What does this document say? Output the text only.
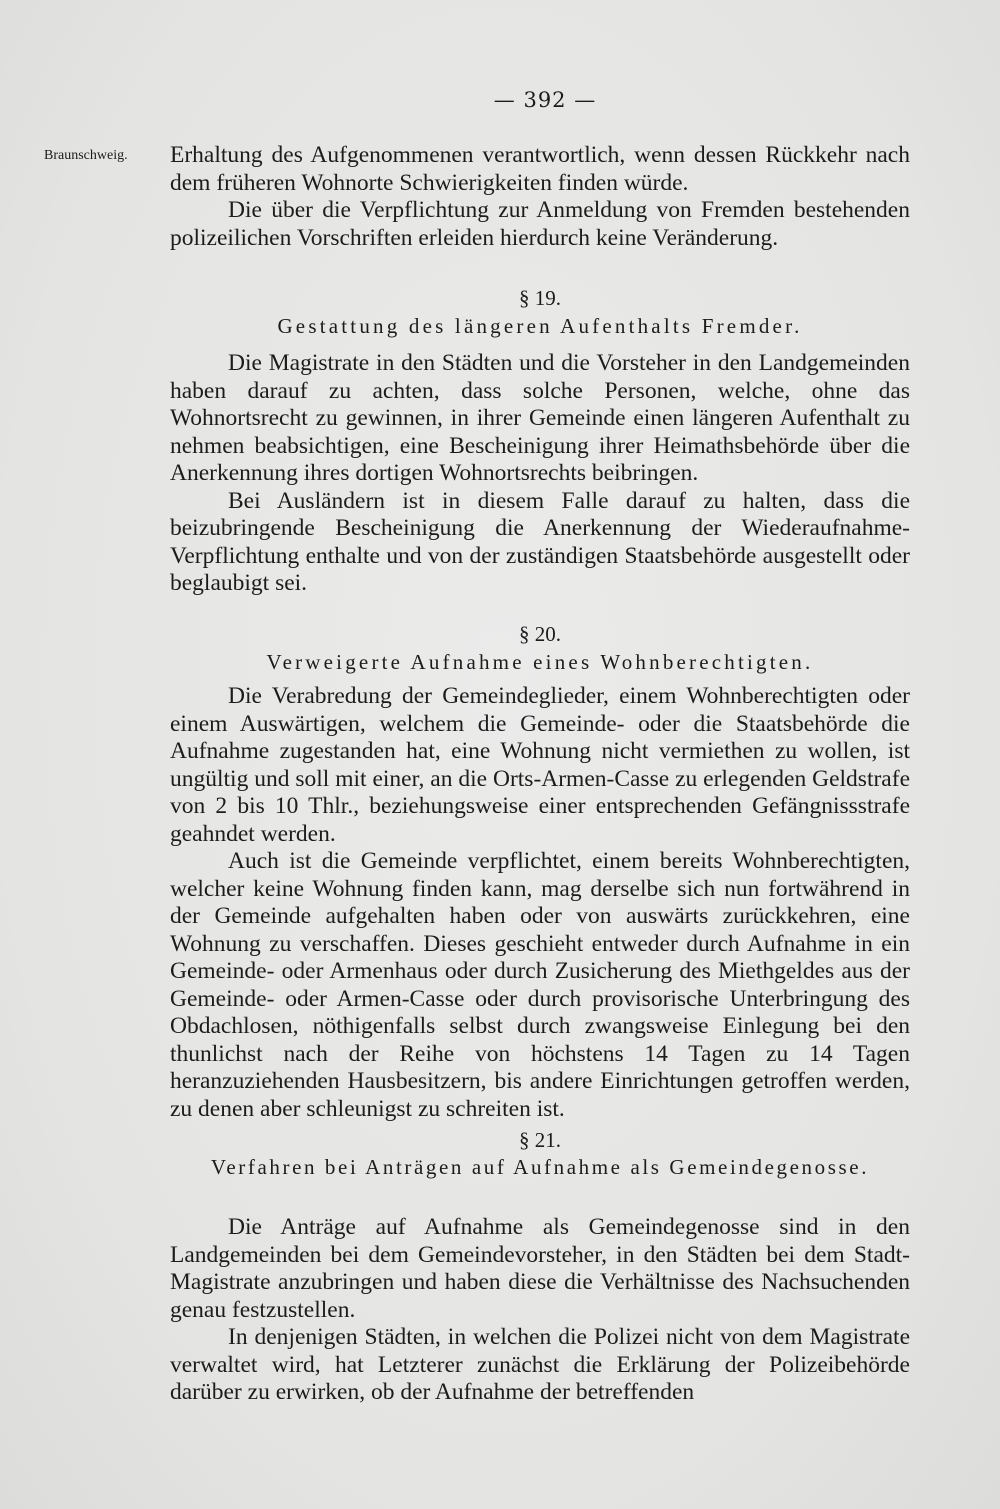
— 392 —
Braunschweig. Erhaltung des Aufgenommenen verantwortlich, wenn dessen Rückkehr nach dem früheren Wohnorte Schwierigkeiten finden würde.

Die über die Verpflichtung zur Anmeldung von Fremden bestehenden polizeilichen Vorschriften erleiden hierdurch keine Veränderung.

§ 19.
Gestattung des längeren Aufenthalts Fremder.

Die Magistrate in den Städten und die Vorsteher in den Landgemeinden haben darauf zu achten, dass solche Personen, welche, ohne das Wohnortsrecht zu gewinnen, in ihrer Gemeinde einen längeren Aufenthalt zu nehmen beabsichtigen, eine Bescheinigung ihrer Heimathsbehörde über die Anerkennung ihres dortigen Wohnortsrechts beibringen.

Bei Ausländern ist in diesem Falle darauf zu halten, dass die beizubringende Bescheinigung die Anerkennung der Wiederaufnahme-Verpflichtung enthalte und von der zuständigen Staatsbehörde ausgestellt oder beglaubigt sei.

§ 20.
Verweigerte Aufnahme eines Wohnberechtigten.

Die Verabredung der Gemeindeglieder, einem Wohnberechtigten oder einem Auswärtigen, welchem die Gemeinde- oder die Staatsbehörde die Aufnahme zugestanden hat, eine Wohnung nicht vermiethen zu wollen, ist ungültig und soll mit einer, an die Orts-Armen-Casse zu erlegenden Geldstrafe von 2 bis 10 Thlr., beziehungsweise einer entsprechenden Gefängnissstrafe geahndet werden.

Auch ist die Gemeinde verpflichtet, einem bereits Wohnberechtigten, welcher keine Wohnung finden kann, mag derselbe sich nun fortwährend in der Gemeinde aufgehalten haben oder von auswärts zurückkehren, eine Wohnung zu verschaffen. Dieses geschieht entweder durch Aufnahme in ein Gemeinde- oder Armenhaus oder durch Zusicherung des Miethgeldes aus der Gemeinde- oder Armen-Casse oder durch provisorische Unterbringung des Obdachlosen, nöthigenfalls selbst durch zwangsweise Einlegung bei den thunlichst nach der Reihe von höchstens 14 Tagen zu 14 Tagen heranzuziehenden Hausbesitzern, bis andere Einrichtungen getroffen werden, zu denen aber schleunigst zu schreiten ist.

§ 21.
Verfahren bei Anträgen auf Aufnahme als Gemeindegenosse.

Die Anträge auf Aufnahme als Gemeindegenosse sind in den Landgemeinden bei dem Gemeindevorsteher, in den Städten bei dem Stadt-Magistrate anzubringen und haben diese die Verhältnisse des Nachsuchenden genau festzustellen.

In denjenigen Städten, in welchen die Polizei nicht von dem Magistrate verwaltet wird, hat Letzterer zunächst die Erklärung der Polizeibehörde darüber zu erwirken, ob der Aufnahme der betreffenden
